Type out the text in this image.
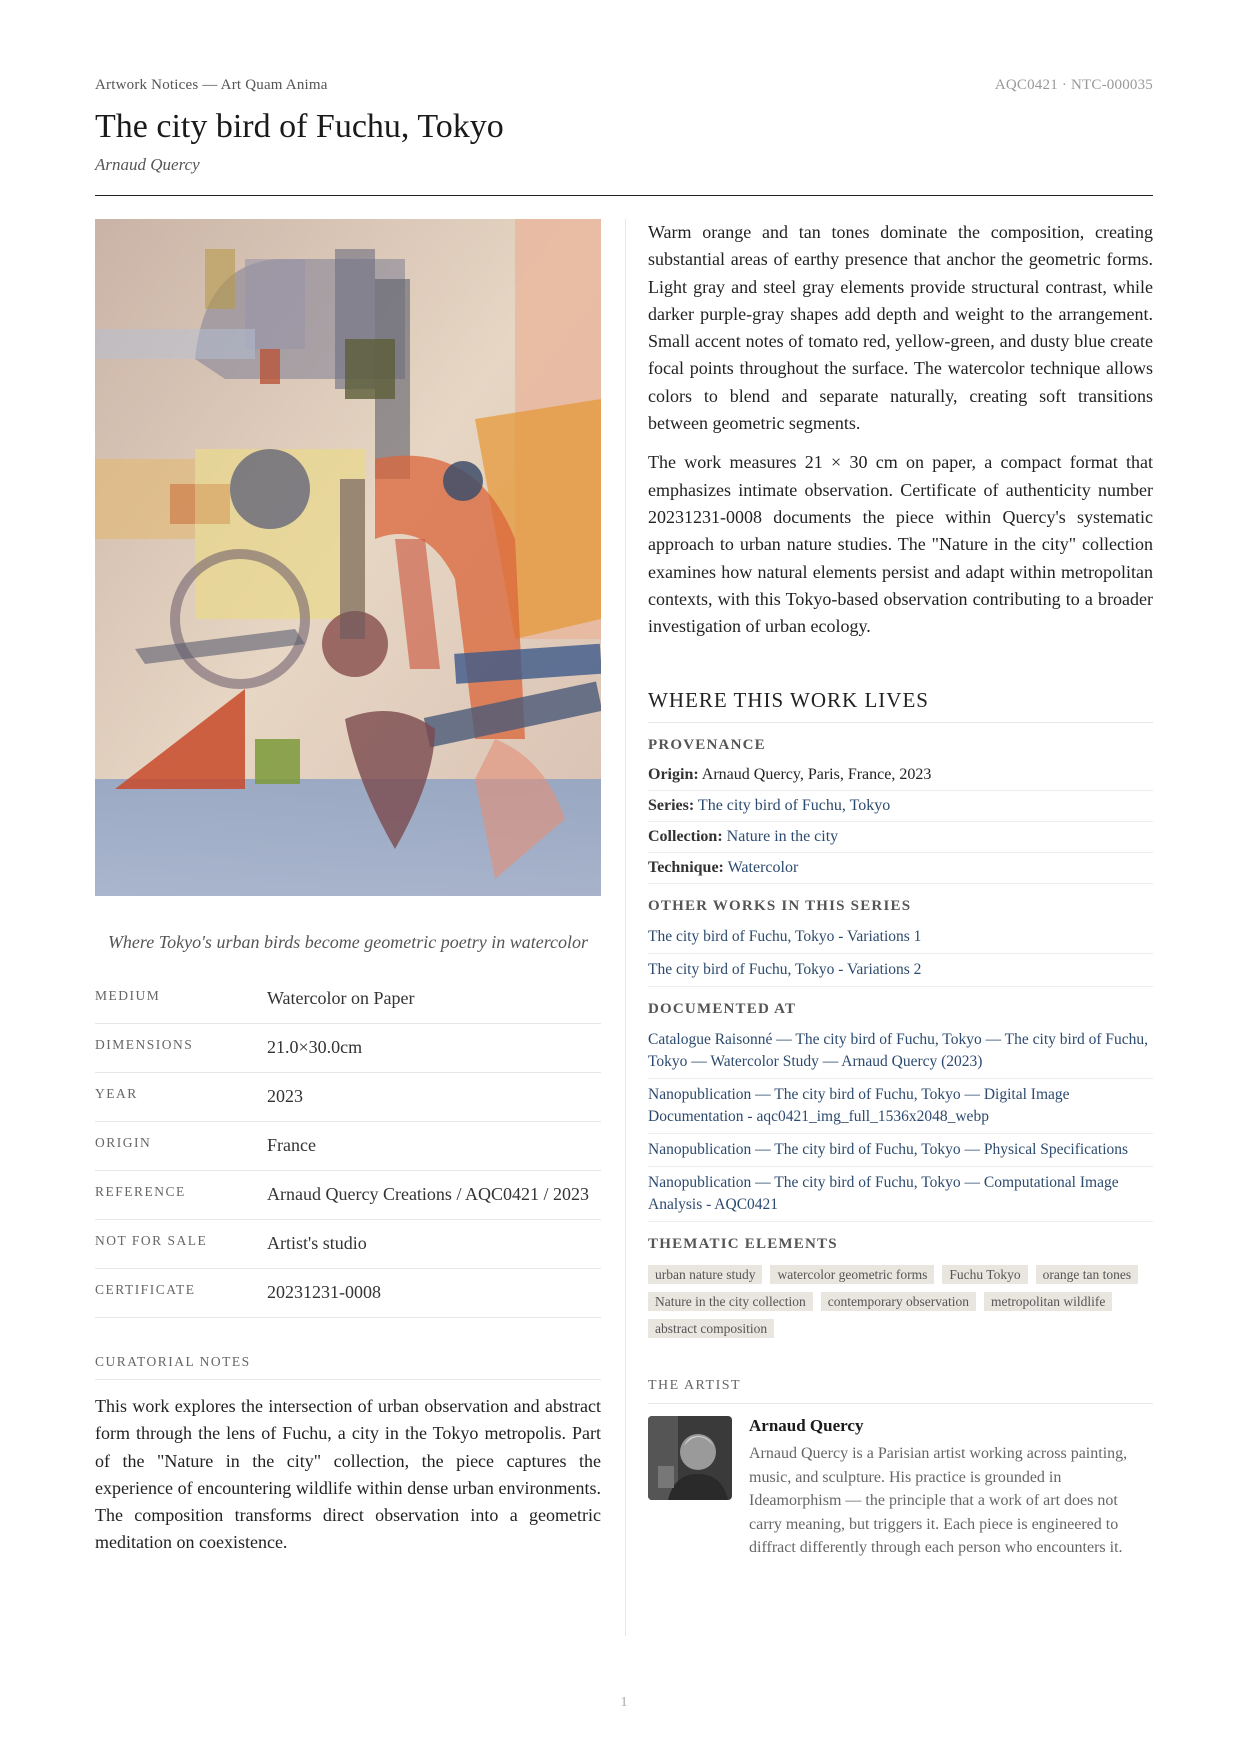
Artwork Notices — Art Quam Anima	AQC0421 · NTC-000035
The city bird of Fuchu, Tokyo
Arnaud Quercy
Where Tokyo's urban birds become geometric poetry in watercolor
MEDIUM	Watercolor on Paper
DIMENSIONS	21.0×30.0cm
YEAR	2023
ORIGIN	France
REFERENCE	Arnaud Quercy Creations / AQC0421 / 2023
NOT FOR SALE	Artist's studio
CERTIFICATE	20231231-0008
CURATORIAL NOTES

This work explores the intersection of urban observation and abstract form through the lens of Fuchu, a city in the Tokyo metropolis. Part of the "Nature in the city" collection, the piece captures the experience of encountering wildlife within dense urban environments. The composition transforms direct observation into a geometric meditation on coexistence.

Warm orange and tan tones dominate the composition, creating substantial areas of earthy presence that anchor the geometric forms. Light gray and steel gray elements provide structural contrast, while darker purple-gray shapes add depth and weight to the arrangement. Small accent notes of tomato red, yellow-green, and dusty blue create focal points throughout the surface. The watercolor technique allows colors to blend and separate naturally, creating soft transitions between geometric segments.

The work measures 21 × 30 cm on paper, a compact format that emphasizes intimate observation. Certificate of authenticity number 20231231-0008 documents the piece within Quercy's systematic approach to urban nature studies. The "Nature in the city" collection examines how natural elements persist and adapt within metropolitan contexts, with this Tokyo-based observation contributing to a broader investigation of urban ecology.

WHERE THIS WORK LIVES
PROVENANCE
Origin: Arnaud Quercy, Paris, France, 2023
Series: The city bird of Fuchu, Tokyo
Collection: Nature in the city
Technique: Watercolor
OTHER WORKS IN THIS SERIES
The city bird of Fuchu, Tokyo - Variations 1
The city bird of Fuchu, Tokyo - Variations 2
DOCUMENTED AT
Catalogue Raisonné — The city bird of Fuchu, Tokyo — The city bird of Fuchu, Tokyo — Watercolor Study — Arnaud Quercy (2023)
Nanopublication — The city bird of Fuchu, Tokyo — Digital Image Documentation - aqc0421_img_full_1536x2048_webp
Nanopublication — The city bird of Fuchu, Tokyo — Physical Specifications
Nanopublication — The city bird of Fuchu, Tokyo — Computational Image Analysis - AQC0421
THEMATIC ELEMENTS
urban nature study watercolor geometric forms Fuchu Tokyo orange tan tones Nature in the city collection contemporary observation metropolitan wildlife abstract composition
THE ARTIST
Arnaud Quercy
Arnaud Quercy is a Parisian artist working across painting, music, and sculpture. His practice is grounded in Ideamorphism — the principle that a work of art does not carry meaning, but triggers it. Each piece is engineered to diffract differently through each person who encounters it.
1
